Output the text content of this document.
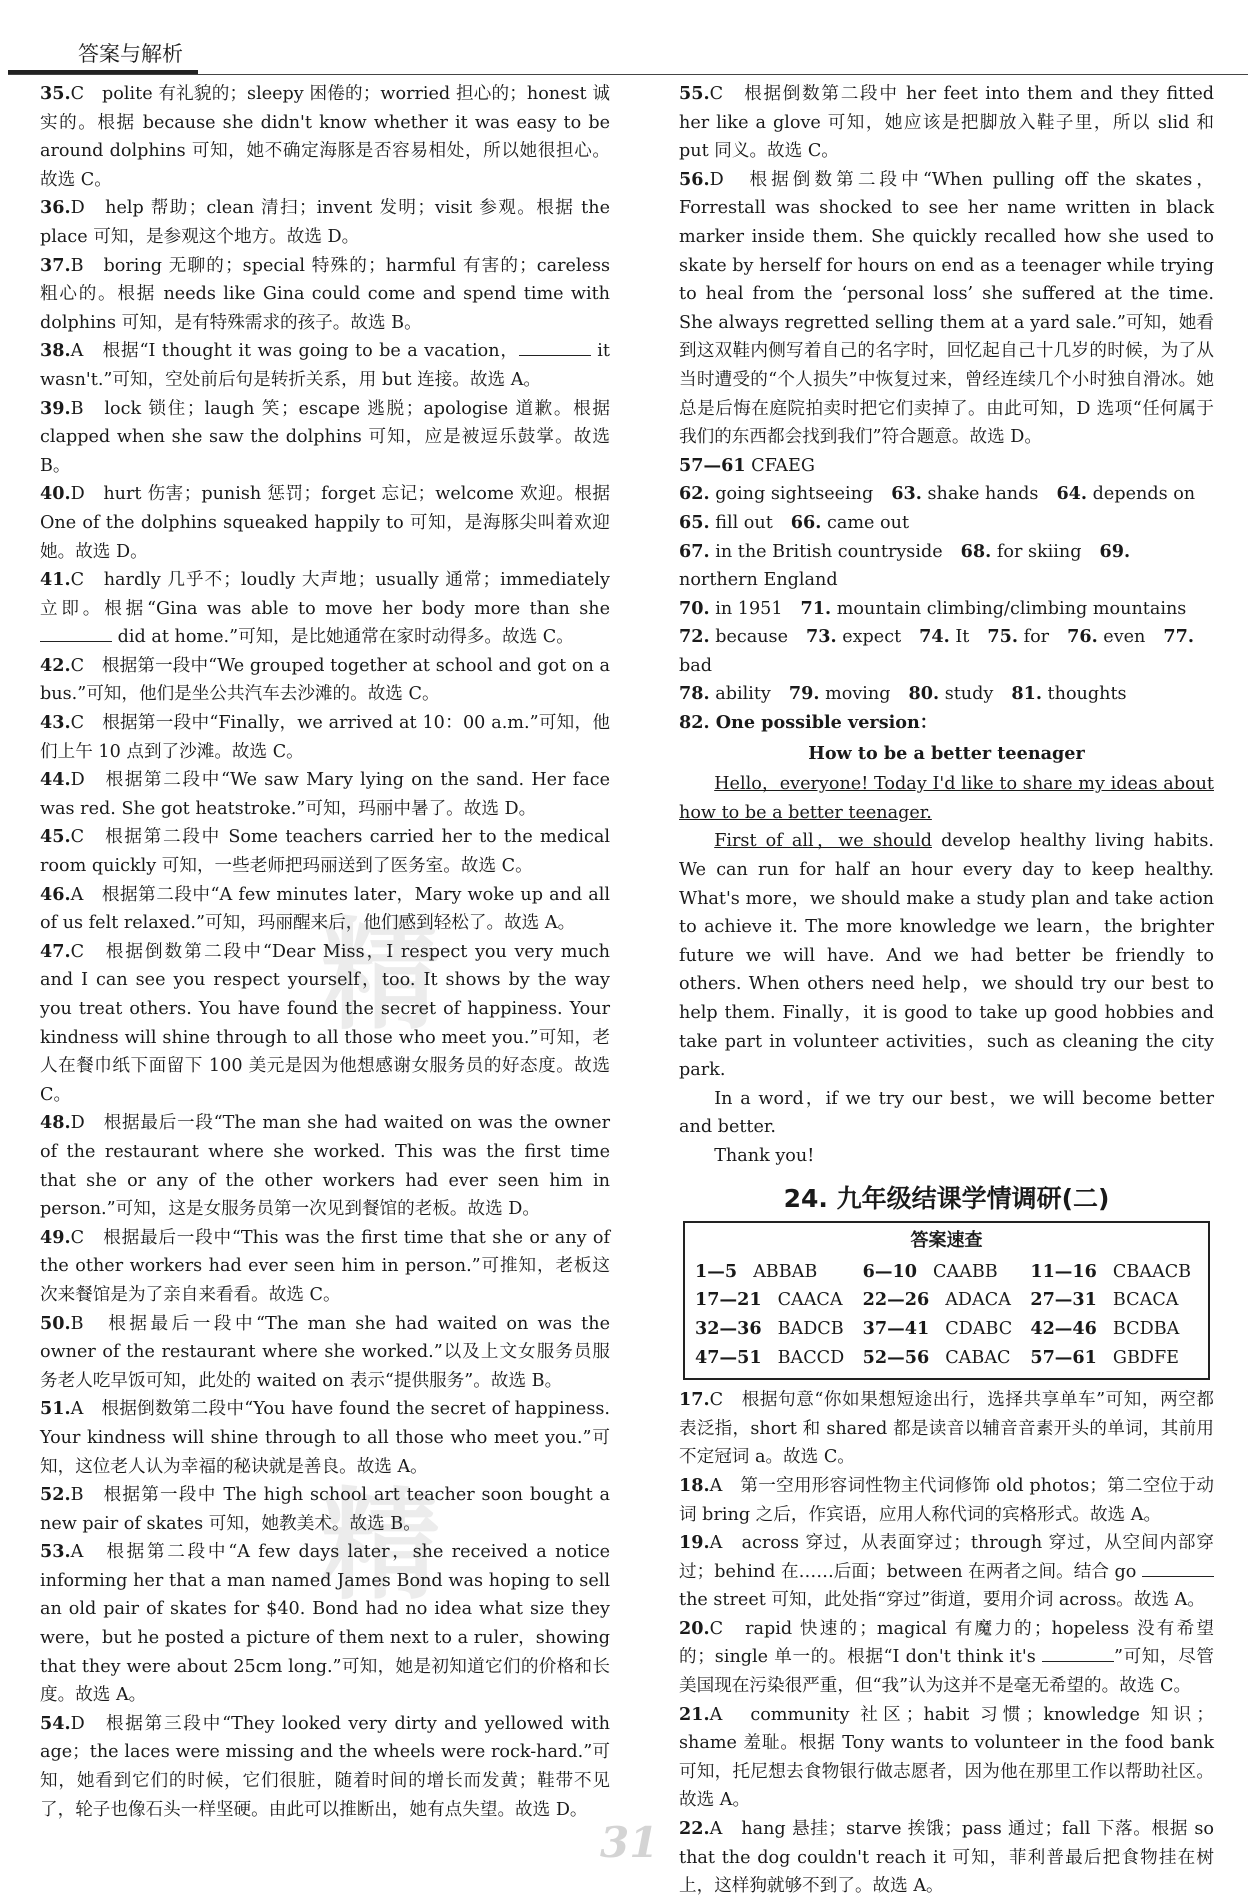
答案与解析
精
精

35.C　polite 有礼貌的；sleepy 困倦的；worried 担心的；honest 诚实的。根据 because she didn't know whether it was easy to be around dolphins 可知，她不确定海豚是否容易相处，所以她很担心。故选 C。

36.D　help 帮助；clean 清扫；invent 发明；visit 参观。根据 the place 可知，是参观这个地方。故选 D。

37.B　boring 无聊的；special 特殊的；harmful 有害的；careless 粗心的。根据 needs like Gina could come and spend time with dolphins 可知，是有特殊需求的孩子。故选 B。

38.A　根据“I thought it was going to be a vacation，	it wasn't.”可知，空处前后句是转折关系，用 but 连接。故选 A。

39.B　lock 锁住；laugh 笑；escape 逃脱；apologise 道歉。根据 clapped when she saw the dolphins 可知，应是被逗乐鼓掌。故选 B。

40.D　hurt 伤害；punish 惩罚；forget 忘记；welcome 欢迎。根据 One of the dolphins squeaked happily to 可知，是海豚尖叫着欢迎她。故选 D。

41.C　hardly 几乎不；loudly 大声地；usually 通常；immediately 立即。根据“Gina was able to move her body more than she  did at home.”可知，是比她通常在家时动得多。故选 C。

42.C　根据第一段中“We grouped together at school and got on a bus.”可知，他们是坐公共汽车去沙滩的。故选 C。

43.C　根据第一段中“Finally，we arrived at 10：00 a.m.”可知，他们上午 10 点到了沙滩。故选 C。

44.D　根据第二段中“We saw Mary lying on the sand. Her face was red. She got heatstroke.”可知，玛丽中暑了。故选 D。

45.C　根据第二段中 Some teachers carried her to the medical room quickly 可知，一些老师把玛丽送到了医务室。故选 C。

46.A　根据第二段中“A few minutes later，Mary woke up and all of us felt relaxed.”可知，玛丽醒来后，他们感到轻松了。故选 A。

47.C　根据倒数第二段中“Dear Miss，I respect you very much and I can see you respect yourself，too. It shows by the way you treat others. You have found the secret of happiness. Your kindness will shine through to all those who meet you.”可知，老人在餐巾纸下面留下 100 美元是因为他想感谢女服务员的好态度。故选 C。

48.D　根据最后一段“The man she had waited on was the owner of the restaurant where she worked. This was the first time that she or any of the other workers had ever seen him in person.”可知，这是女服务员第一次见到餐馆的老板。故选 D。

49.C　根据最后一段中“This was the first time that she or any of the other workers had ever seen him in person.”可推知，老板这次来餐馆是为了亲自来看看。故选 C。

50.B　根据最后一段中“The man she had waited on was the owner of the restaurant where she worked.”以及上文女服务员服务老人吃早饭可知，此处的 waited on 表示“提供服务”。故选 B。

51.A　根据倒数第二段中“You have found the secret of happiness. Your kindness will shine through to all those who meet you.”可知，这位老人认为幸福的秘诀就是善良。故选 A。

52.B　根据第一段中 The high school art teacher soon bought a new pair of skates 可知，她教美术。故选 B。

53.A　根据第二段中“A few days later，she received a notice informing her that a man named James Bond was hoping to sell an old pair of skates for $40. Bond had no idea what size they were，but he posted a picture of them next to a ruler，showing that they were about 25cm long.”可知，她是初知道它们的价格和长度。故选 A。

54.D　根据第三段中“They looked very dirty and yellowed with age；the laces were missing and the wheels were rock-hard.”可知，她看到它们的时候，它们很脏，随着时间的增长而发黄；鞋带不见了，轮子也像石头一样坚硬。由此可以推断出，她有点失望。故选 D。

55.C　根据倒数第二段中 her feet into them and they fitted her like a glove 可知，她应该是把脚放入鞋子里，所以 slid 和 put 同义。故选 C。

56.D　根据倒数第二段中“When pulling off the skates，Forrestall was shocked to see her name written in black marker inside them. She quickly recalled how she used to skate by herself for hours on end as a teenager while trying to heal from the ‘personal loss’ she suffered at the time. She always regretted selling them at a yard sale.”可知，她看到这双鞋内侧写着自己的名字时，回忆起自己十几岁的时候，为了从当时遭受的“个人损失”中恢复过来，曾经连续几个小时独自滑冰。她总是后悔在庭院拍卖时把它们卖掉了。由此可知，D 选项“任何属于我们的东西都会找到我们”符合题意。故选 D。

57—61 CFAEG

62. going sightseeing 63. shake hands 64. depends on

65. fill out 66. came out

67. in the British countryside 68. for skiing 69. northern England

70. in 1951 71. mountain climbing/climbing mountains

72. because 73. expect 74. It 75. for 76. even 77. bad

78. ability 79. moving 80. study 81. thoughts

82. One possible version：
How to be a better teenager

Hello，everyone! Today I'd like to share my ideas about how to be a better teenager.

First of all，we should develop healthy living habits. We can run for half an hour every day to keep healthy. What's more，we should make a study plan and take action to achieve it. The more knowledge we learn，the brighter future we will have. And we had better be friendly to others. When others need help，we should try our best to help them. Finally，it is good to take up good hobbies and take part in volunteer activities，such as cleaning the city park.

In a word，if we try our best，we will become better and better.

Thank you!

24. 九年级结课学情调研(二)
答案速查
1—5 ABBAB	6—10 CAABB	11—16 CBAACB
17—21 CAACA	22—26 ADACA	27—31 BCACA
32—36 BADCB	37—41 CDABC	42—46 BCDBA
47—51 BACCD	52—56 CABAC	57—61 GBDFE

17.C　根据句意“你如果想短途出行，选择共享单车”可知，两空都表泛指，short 和 shared 都是读音以辅音音素开头的单词，其前用不定冠词 a。故选 C。

18.A　第一空用形容词性物主代词修饰 old photos；第二空位于动词 bring 之后，作宾语，应用人称代词的宾格形式。故选 A。

19.A　across 穿过，从表面穿过；through 穿过，从空间内部穿过；behind 在……后面；between 在两者之间。结合 go  the street 可知，此处指“穿过”街道，要用介词 across。故选 A。

20.C　rapid 快速的；magical 有魔力的；hopeless 没有希望的；single 单一的。根据“I don't think it's	”可知，尽管美国现在污染很严重，但“我”认为这并不是毫无希望的。故选 C。

21.A　community 社区；habit 习惯；knowledge 知识；shame 羞耻。根据 Tony wants to volunteer in the food bank 可知，托尼想去食物银行做志愿者，因为他在那里工作以帮助社区。故选 A。

22.A　hang 悬挂；starve 挨饿；pass 通过；fall 下落。根据 so that the dog couldn't reach it 可知，菲利普最后把食物挂在树上，这样狗就够不到了。故选 A。

31
